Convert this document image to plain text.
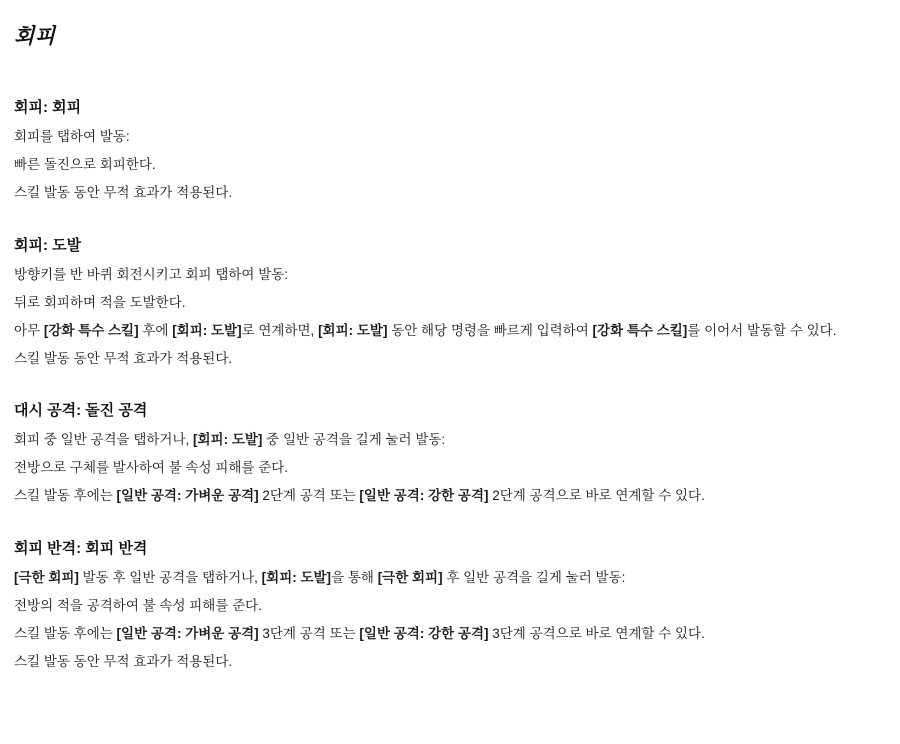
회피
회피: 회피
회피를 탭하여 발동:
빠른 돌진으로 회피한다.
스킬 발동 동안 무적 효과가 적용된다.
회피: 도발
방향키를 반 바퀴 회전시키고 회피 탭하여 발동:
뒤로 회피하며 적을 도발한다.
아무 [강화 특수 스킬] 후에 [회피: 도발]로 연계하면, [회피: 도발] 동안 해당 명령을 빠르게 입력하여 [강화 특수 스킬]를 이어서 발동할 수 있다.
스킬 발동 동안 무적 효과가 적용된다.
대시 공격: 돌진 공격
회피 중 일반 공격을 탭하거나, [회피: 도발] 중 일반 공격을 길게 눌러 발동:
전방으로 구체를 발사하여 불 속성 피해를 준다.
스킬 발동 후에는 [일반 공격: 가벼운 공격] 2단계 공격 또는 [일반 공격: 강한 공격] 2단계 공격으로 바로 연계할 수 있다.
회피 반격: 회피 반격
[극한 회피] 발동 후 일반 공격을 탭하거나, [회피: 도발]을 통해 [극한 회피] 후 일반 공격을 길게 눌러 발동:
전방의 적을 공격하여 불 속성 피해를 준다.
스킬 발동 후에는 [일반 공격: 가벼운 공격] 3단계 공격 또는 [일반 공격: 강한 공격] 3단계 공격으로 바로 연계할 수 있다.
스킬 발동 동안 무적 효과가 적용된다.
